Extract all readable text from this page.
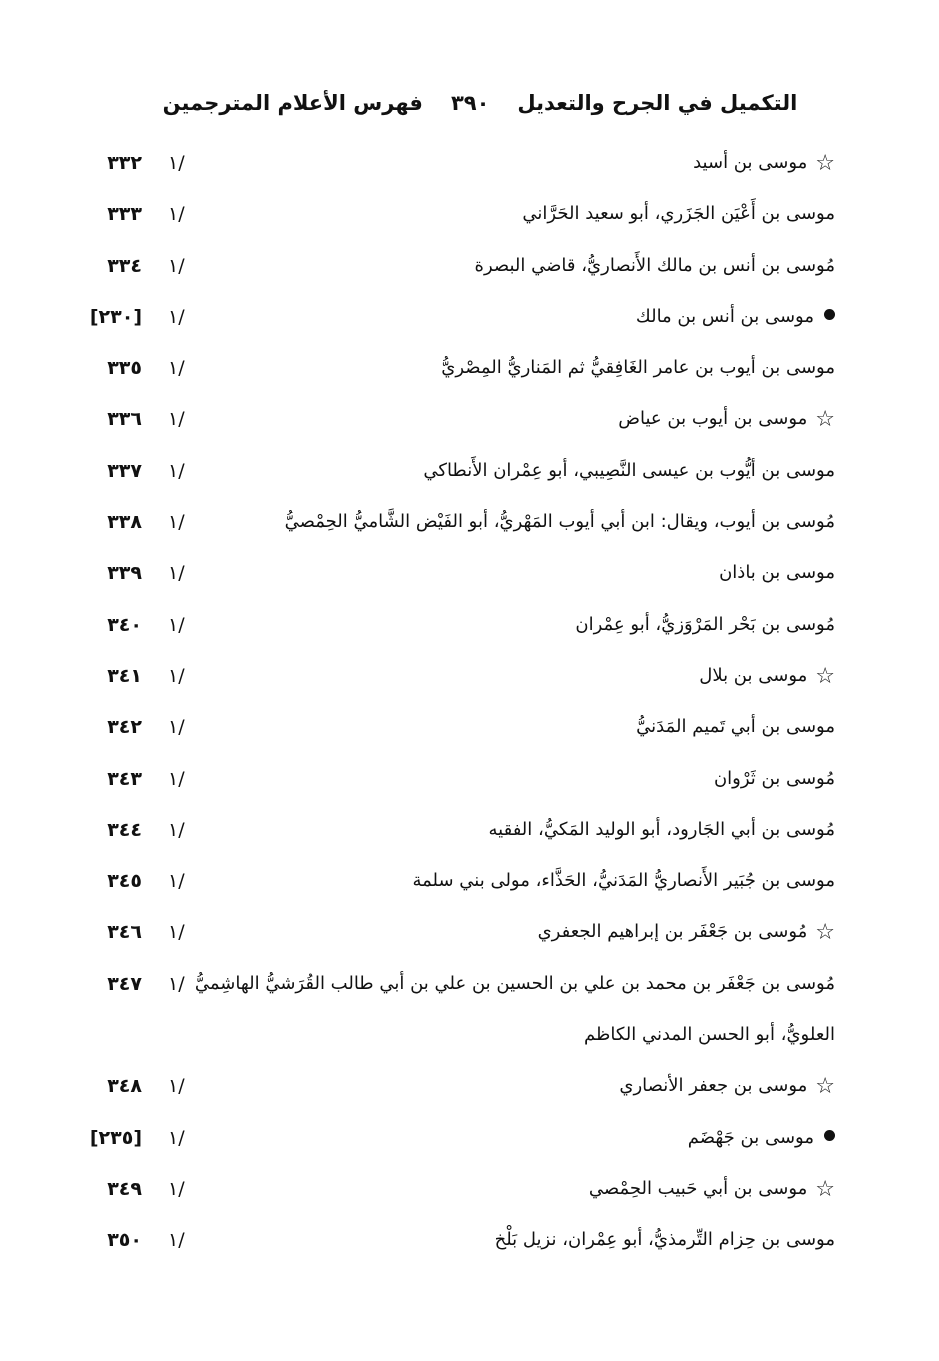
التكميل في الجرح والتعديل
٣٩٠
فهرس الأعلام المترجمين
☆موسى بن أسيد
١/
٣٣٢
موسى بن أَعْيَن الجَزَري، أبو سعيد الحَرَّاني
١/
٣٣٣
مُوسى بن أنس بن مالك الأَنصاريُّ، قاضي البصرة
١/
٣٣٤
موسى بن أنس بن مالك
١/
[٢٣٠]
موسى بن أيوب بن عامر الغَافِقيُّ ثم المَناريُّ المِصْريُّ
١/
٣٣٥
☆موسى بن أيوب بن عياض
١/
٣٣٦
موسى بن أيُّوب بن عيسى النَّصِيبي، أبو عِمْران الأَنطاكي
١/
٣٣٧
مُوسى بن أيوب، ويقال: ابن أبي أيوب المَهْريُّ، أبو الفَيْض الشَّاميُّ الحِمْصيُّ
١/
٣٣٨
موسى بن باذان
١/
٣٣٩
مُوسى بن بَحْر المَرْوَزيُّ، أبو عِمْران
١/
٣٤٠
☆موسى بن بلال
١/
٣٤١
موسى بن أبي تَميم المَدَنيُّ
١/
٣٤٢
مُوسى بن ثَرْوان
١/
٣٤٣
مُوسى بن أبي الجَارود، أبو الوليد المَكيُّ، الفقيه
١/
٣٤٤
موسى بن جُبَير الأَنصاريُّ المَدَنيُّ، الحَذَّاء، مولى بني سلمة
١/
٣٤٥
☆مُوسى بن جَعْفَر بن إبراهيم الجعفري
١/
٣٤٦
مُوسى بن جَعْفَر بن محمد بن علي بن الحسين بن علي بن أبي طالب القُرَشيُّ الهاشِميُّ
١/
٣٤٧
العلويُّ، أبو الحسن المدني الكاظم
☆موسى بن جعفر الأنصاري
١/
٣٤٨
موسى بن جَهْضَم
١/
[٢٣٥]
☆موسى بن أبي حَبيب الحِمْصي
١/
٣٤٩
موسى بن حِزام التِّرمذيُّ، أبو عِمْران، نزيل بَلْخ
١/
٣٥٠
